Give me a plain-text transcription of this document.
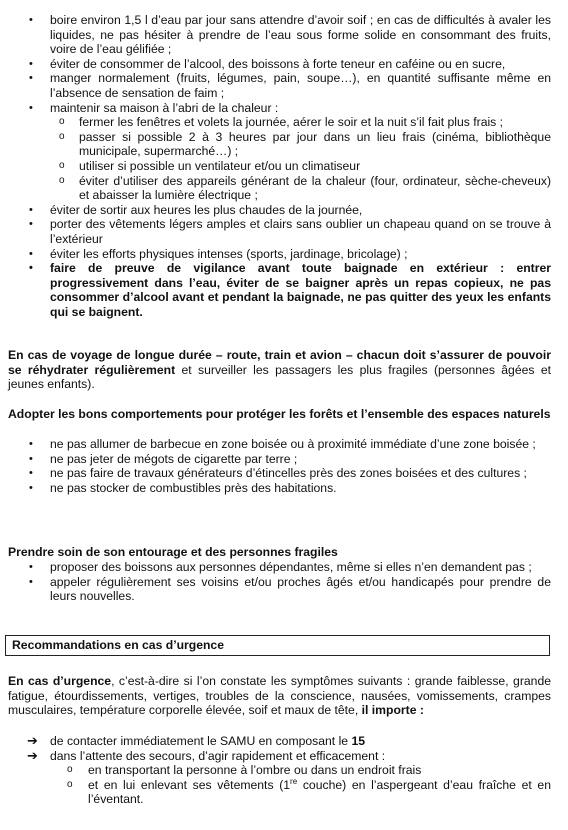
• boire environ 1,5 l d’eau par jour sans attendre d’avoir soif ; en cas de difficultés à avaler les liquides, ne pas hésiter à prendre de l’eau sous forme solide en consommant des fruits, voire de l’eau gélifiée ;
• éviter de consommer de l’alcool, des boissons à forte teneur en caféine ou en sucre,
• manger normalement (fruits, légumes, pain, soupe…), en quantité suffisante même en l’absence de sensation de faim ;
• maintenir sa maison à l’abri de la chaleur :
o fermer les fenêtres et volets la journée, aérer le soir et la nuit s’il fait plus frais ;
o passer si possible 2 à 3 heures par jour dans un lieu frais (cinéma, bibliothèque municipale, supermarché…) ;
o utiliser si possible un ventilateur et/ou un climatiseur
o éviter d’utiliser des appareils générant de la chaleur (four, ordinateur, sèche-cheveux) et abaisser la lumière électrique ;
• éviter de sortir aux heures les plus chaudes de la journée,
• porter des vêtements légers amples et clairs sans oublier un chapeau quand on se trouve à l’extérieur
• éviter les efforts physiques intenses (sports, jardinage, bricolage) ;
• faire de preuve de vigilance avant toute baignade en extérieur : entrer progressivement dans l’eau, éviter de se baigner après un repas copieux, ne pas consommer d’alcool avant et pendant la baignade, ne pas quitter des yeux les enfants qui se baignent.

En cas de voyage de longue durée – route, train et avion – chacun doit s’assurer de pouvoir se réhydrater régulièrement et surveiller les passagers les plus fragiles (personnes âgées et jeunes enfants).

Adopter les bons comportements pour protéger les forêts et l’ensemble des espaces naturels

• ne pas allumer de barbecue en zone boisée ou à proximité immédiate d’une zone boisée ;
• ne pas jeter de mégots de cigarette par terre ;
• ne pas faire de travaux générateurs d’étincelles près des zones boisées et des cultures ;
• ne pas stocker de combustibles près des habitations.

Prendre soin de son entourage et des personnes fragiles

• proposer des boissons aux personnes dépendantes, même si elles n’en demandent pas ;
• appeler régulièrement ses voisins et/ou proches âgés et/ou handicapés pour prendre de leurs nouvelles.
Recommandations en cas d’urgence

En cas d’urgence, c’est-à-dire si l’on constate les symptômes suivants : grande faiblesse, grande fatigue, étourdissements, vertiges, troubles de la conscience, nausées, vomissements, crampes musculaires, température corporelle élevée, soif et maux de tête, il importe :

➔ de contacter immédiatement le SAMU en composant le 15
➔ dans l’attente des secours, d’agir rapidement et efficacement :
o en transportant la personne à l’ombre ou dans un endroit frais
o et en lui enlevant ses vêtements (1re couche) en l’aspergeant d’eau fraîche et en l’éventant.
